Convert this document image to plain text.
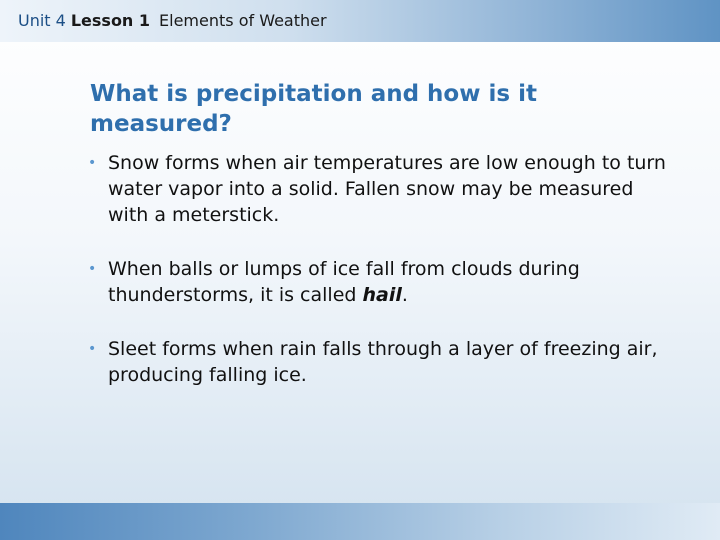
Unit 4 Lesson 1 Elements of Weather
What is precipitation and how is it measured?
• Snow forms when air temperatures are low enough to turn water vapor into a solid. Fallen snow may be measured with a meterstick.
• When balls or lumps of ice fall from clouds during thunderstorms, it is called hail.
• Sleet forms when rain falls through a layer of freezing air, producing falling ice.
